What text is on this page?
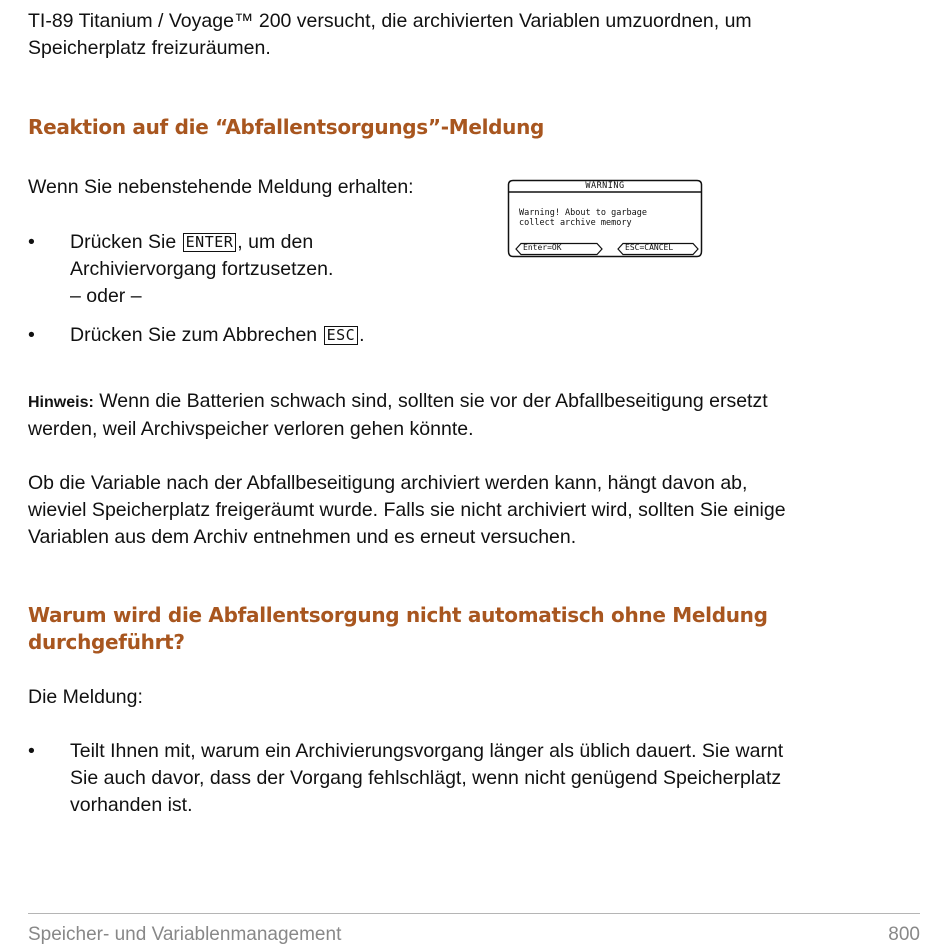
TI-89 Titanium / Voyage™ 200 versucht, die archivierten Variablen umzuordnen, um
Speicherplatz freizuräumen.

Reaktion auf die “Abfallentsorgungs”-Meldung

Wenn Sie nebenstehende Meldung erhalten:

• Drücken Sie ENTER , um den
Archiviervorgang fortzusetzen.
– oder –

• Drücken Sie zum Abbrechen ESC .

WARNING
Warning! About to garbage
collect archive memory
Enter=OK	ESC=CANCEL

Hinweis: Wenn die Batterien schwach sind, sollten sie vor der Abfallbeseitigung ersetzt
werden, weil Archivspeicher verloren gehen könnte.

Ob die Variable nach der Abfallbeseitigung archiviert werden kann, hängt davon ab,
wieviel Speicherplatz freigeräumt wurde. Falls sie nicht archiviert wird, sollten Sie einige
Variablen aus dem Archiv entnehmen und es erneut versuchen.

Warum wird die Abfallentsorgung nicht automatisch ohne Meldung
durchgeführt?

Die Meldung:

• Teilt Ihnen mit, warum ein Archivierungsvorgang länger als üblich dauert. Sie warnt
Sie auch davor, dass der Vorgang fehlschlägt, wenn nicht genügend Speicherplatz
vorhanden ist.

Speicher- und Variablenmanagement	800
